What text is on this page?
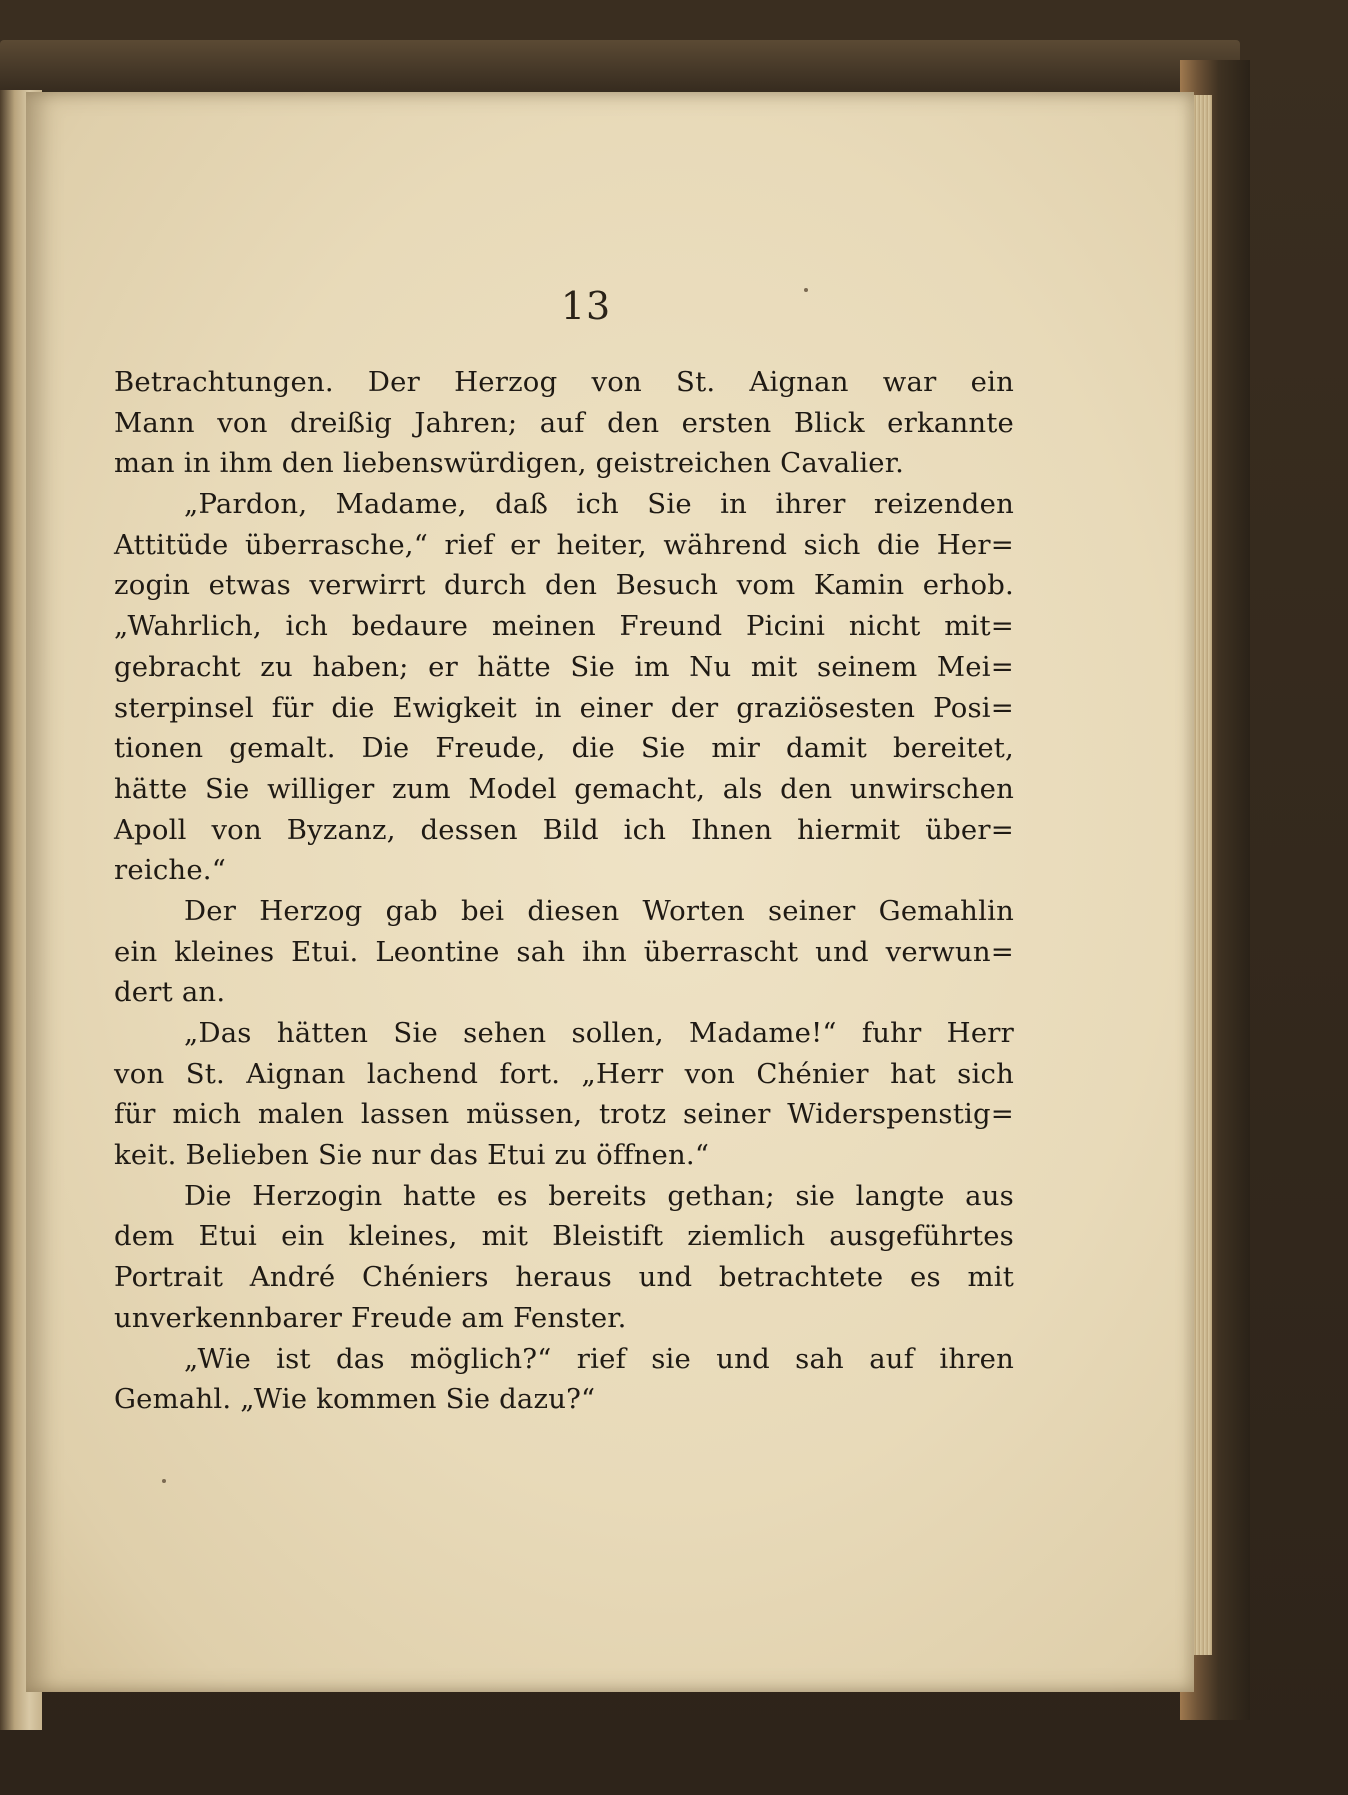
13
Betrachtungen. Der Herzog von St. Aignan war ein
Mann von dreißig Jahren; auf den ersten Blick erkannte
man in ihm den liebenswürdigen, geistreichen Cavalier.
„Pardon, Madame, daß ich Sie in ihrer reizenden
Attitüde überrasche,“ rief er heiter, während sich die Her=
zogin etwas verwirrt durch den Besuch vom Kamin erhob.
„Wahrlich, ich bedaure meinen Freund Picini nicht mit=
gebracht zu haben; er hätte Sie im Nu mit seinem Mei=
sterpinsel für die Ewigkeit in einer der graziösesten Posi=
tionen gemalt. Die Freude, die Sie mir damit bereitet,
hätte Sie williger zum Model gemacht, als den unwirschen
Apoll von Byzanz, dessen Bild ich Ihnen hiermit über=
reiche.“
Der Herzog gab bei diesen Worten seiner Gemahlin
ein kleines Etui. Leontine sah ihn überrascht und verwun=
dert an.
„Das hätten Sie sehen sollen, Madame!“ fuhr Herr
von St. Aignan lachend fort. „Herr von Chénier hat sich
für mich malen lassen müssen, trotz seiner Widerspenstig=
keit. Belieben Sie nur das Etui zu öffnen.“
Die Herzogin hatte es bereits gethan; sie langte aus
dem Etui ein kleines, mit Bleistift ziemlich ausgeführtes
Portrait André Chéniers heraus und betrachtete es mit
unverkennbarer Freude am Fenster.
„Wie ist das möglich?“ rief sie und sah auf ihren
Gemahl. „Wie kommen Sie dazu?“
